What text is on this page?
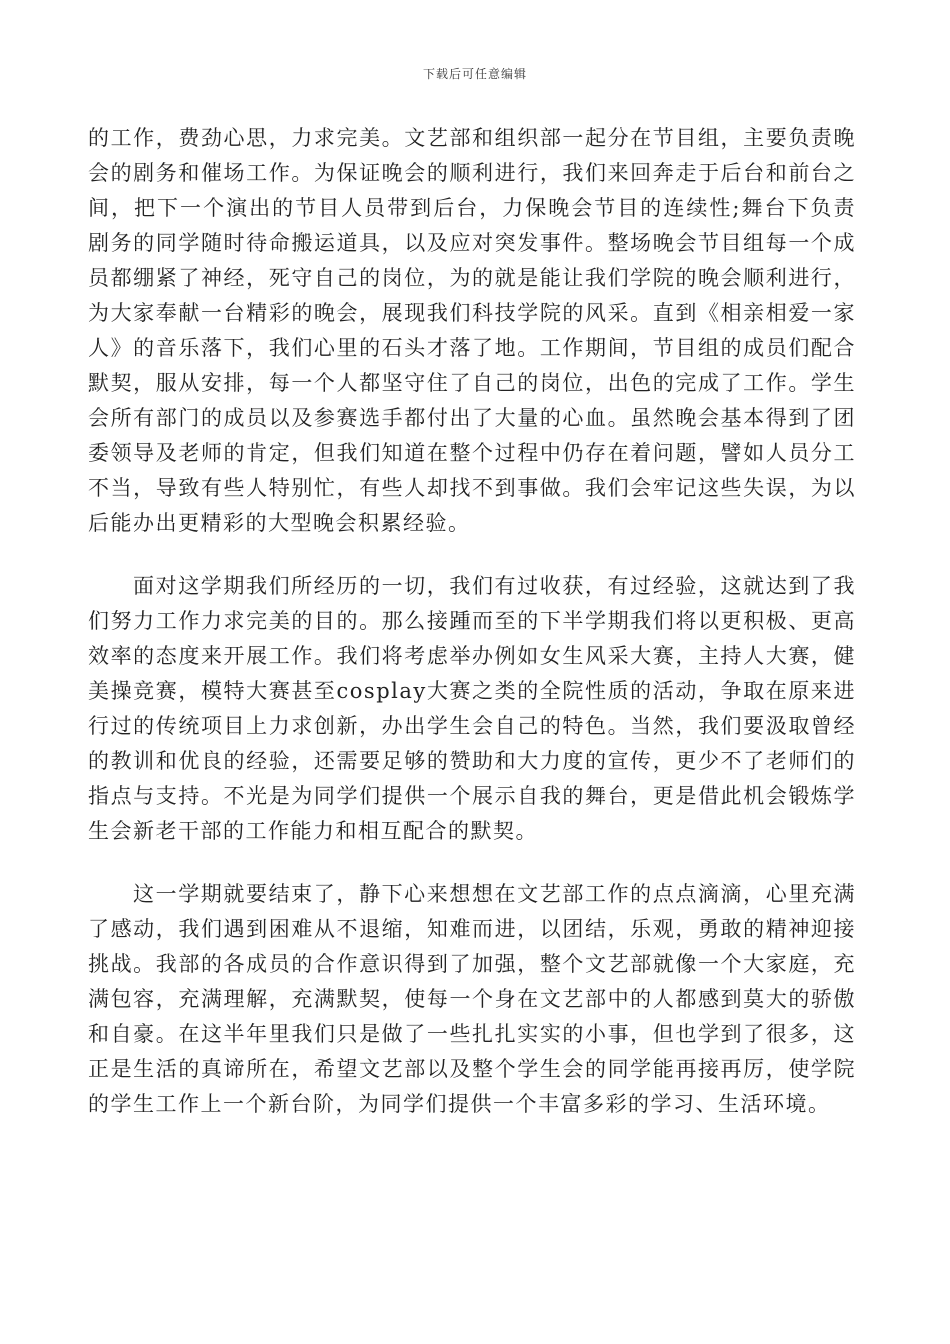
下载后可任意编辑

的工作，费劲心思，力求完美。文艺部和组织部一起分在节目组，主要负责晚会的剧务和催场工作。为保证晚会的顺利进行，我们来回奔走于后台和前台之间，把下一个演出的节目人员带到后台，力保晚会节目的连续性;舞台下负责剧务的同学随时待命搬运道具，以及应对突发事件。整场晚会节目组每一个成员都绷紧了神经，死守自己的岗位，为的就是能让我们学院的晚会顺利进行，为大家奉献一台精彩的晚会，展现我们科技学院的风采。直到《相亲相爱一家人》的音乐落下，我们心里的石头才落了地。工作期间，节目组的成员们配合默契，服从安排，每一个人都坚守住了自己的岗位，出色的完成了工作。学生会所有部门的成员以及参赛选手都付出了大量的心血。虽然晚会基本得到了团委领导及老师的肯定，但我们知道在整个过程中仍存在着问题，譬如人员分工不当，导致有些人特别忙，有些人却找不到事做。我们会牢记这些失误，为以后能办出更精彩的大型晚会积累经验。

面对这学期我们所经历的一切，我们有过收获，有过经验，这就达到了我们努力工作力求完美的目的。那么接踵而至的下半学期我们将以更积极、更高效率的态度来开展工作。我们将考虑举办例如女生风采大赛，主持人大赛，健美操竞赛，模特大赛甚至cosplay大赛之类的全院性质的活动，争取在原来进行过的传统项目上力求创新，办出学生会自己的特色。当然，我们要汲取曾经的教训和优良的经验，还需要足够的赞助和大力度的宣传，更少不了老师们的指点与支持。不光是为同学们提供一个展示自我的舞台，更是借此机会锻炼学生会新老干部的工作能力和相互配合的默契。

这一学期就要结束了，静下心来想想在文艺部工作的点点滴滴，心里充满了感动，我们遇到困难从不退缩，知难而进，以团结，乐观，勇敢的精神迎接挑战。我部的各成员的合作意识得到了加强，整个文艺部就像一个大家庭，充满包容，充满理解，充满默契，使每一个身在文艺部中的人都感到莫大的骄傲和自豪。在这半年里我们只是做了一些扎扎实实的小事，但也学到了很多，这正是生活的真谛所在，希望文艺部以及整个学生会的同学能再接再厉，使学院的学生工作上一个新台阶，为同学们提供一个丰富多彩的学习、生活环境。
